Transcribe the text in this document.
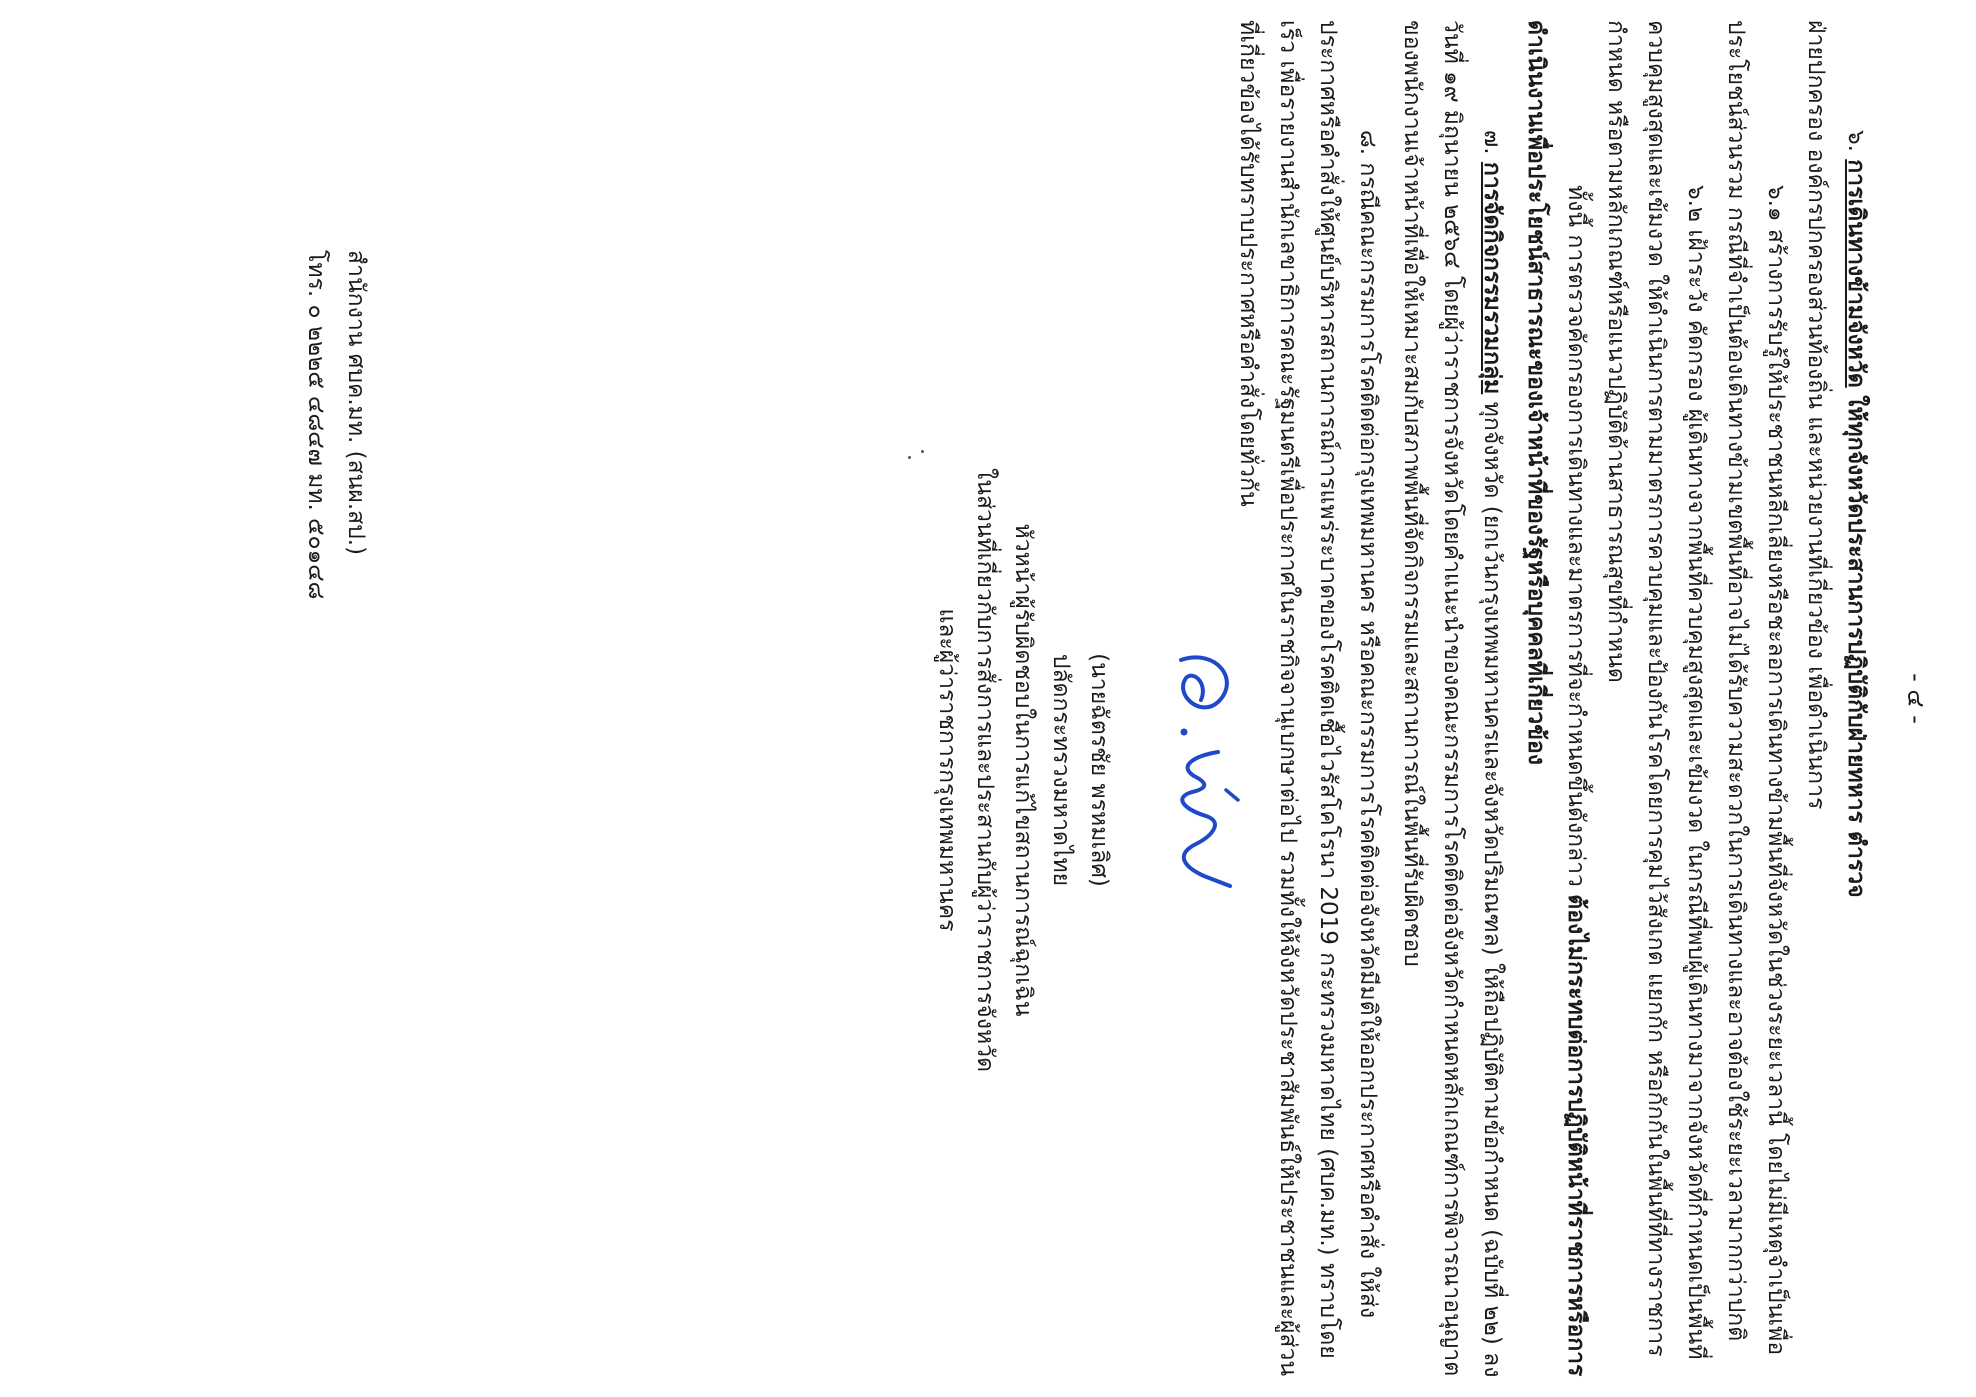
- ๔ -

๖. การเดินทางข้ามจังหวัด ให้ทุกจังหวัดประสานการปฏิบัติกับฝ่ายทหาร ตำรวจ

ฝ่ายปกครอง องค์กรปกครองส่วนท้องถิ่น และหน่วยงานที่เกี่ยวข้อง เพื่อดำเนินการ

๖.๑ สร้างการรับรู้ให้ประชาชนหลีกเลี่ยงหรือชะลอการเดินทางข้ามพื้นที่จังหวัดในช่วงระยะเวลานี้ โดยไม่มีเหตุจำเป็นเพื่อประโยชน์ส่วนรวม กรณีที่จำเป็นต้องเดินทางข้ามเขตพื้นที่อาจไม่ได้รับความสะดวกในการเดินทางและอาจต้องใช้ระยะเวลามากกว่าปกติ

๖.๒ เฝ้าระวัง คัดกรอง ผู้เดินทางจากพื้นที่ควบคุมสูงสุดและเข้มงวด ในกรณีที่พบผู้เดินทางมาจากจังหวัดที่กำหนดเป็นพื้นที่ควบคุมสูงสุดและเข้มงวด ให้ดำเนินการตามมาตรการควบคุมและป้องกันโรคโดยการคุมไว้สังเกต แยกกัก หรือกักกันในพื้นที่ที่ทางราชการกำหนด หรือตามหลักเกณฑ์หรือแนวปฏิบัติด้านสาธารณสุขที่กำหนด

ทั้งนี้ การตรวจคัดกรองการเดินทางและมาตรการที่จะกำหนดขึ้นดังกล่าว ต้องไม่กระทบต่อการปฏิบัติหน้าที่ราชการหรือการดำเนินงานเพื่อประโยชน์สาธารณะของเจ้าหน้าที่ของรัฐหรือบุคคลที่เกี่ยวข้อง

๗. การจัดกิจกรรมรวมกลุ่ม ทุกจังหวัด (ยกเว้นกรุงเทพมหานครและจังหวัดปริมณฑล) ให้ถือปฏิบัติตามข้อกำหนด (ฉบับที่ ๒๒) ลงวันที่ ๑๙ มิถุนายน ๒๕๖๔ โดยผู้ว่าราชการจังหวัดโดยคำแนะนำของคณะกรรมการโรคติดต่อจังหวัดกำหนดหลักเกณฑ์การพิจารณาอนุญาตของพนักงานเจ้าหน้าที่เพื่อให้เหมาะสมกับสภาพพื้นที่จัดกิจกรรมและสถานการณ์ในพื้นที่รับผิดชอบ

๘. กรณีคณะกรรมการโรคติดต่อกรุงเทพมหานคร หรือคณะกรรมการโรคติดต่อจังหวัดมีมติให้ออกประกาศหรือคำสั่ง ให้ส่งประกาศหรือคำสั่งให้ศูนย์บริหารสถานการณ์การแพร่ระบาดของโรคติดเชื้อไวรัสโคโรนา 2019 กระทรวงมหาดไทย (ศบค.มท.) ทราบโดยเร็ว เพื่อรายงานสำนักเลขาธิการคณะรัฐมนตรีเพื่อประกาศในราชกิจจานุเบกษาต่อไป รวมทั้งให้จังหวัดประชาสัมพันธ์ให้ประชาชนและผู้ส่วนที่เกี่ยวข้องได้รับทราบประกาศหรือคำสั่งโดยทั่วกัน

(นายฉัตรชัย พรหมเลิศ)
ปลัดกระทรวงมหาดไทย
หัวหน้าผู้รับผิดชอบในการแก้ไขสถานการณ์ฉุกเฉิน
ในส่วนที่เกี่ยวกับการสั่งการและประสานกับผู้ว่าราชการจังหวัด
และผู้ว่าราชการกรุงเทพมหานคร
สำนักงาน ศบค.มท. (สนผ.สป.)
โทร. ๐ ๒๒๒๕ ๔๘๔๗ มท. ๕๐๑๔๘
